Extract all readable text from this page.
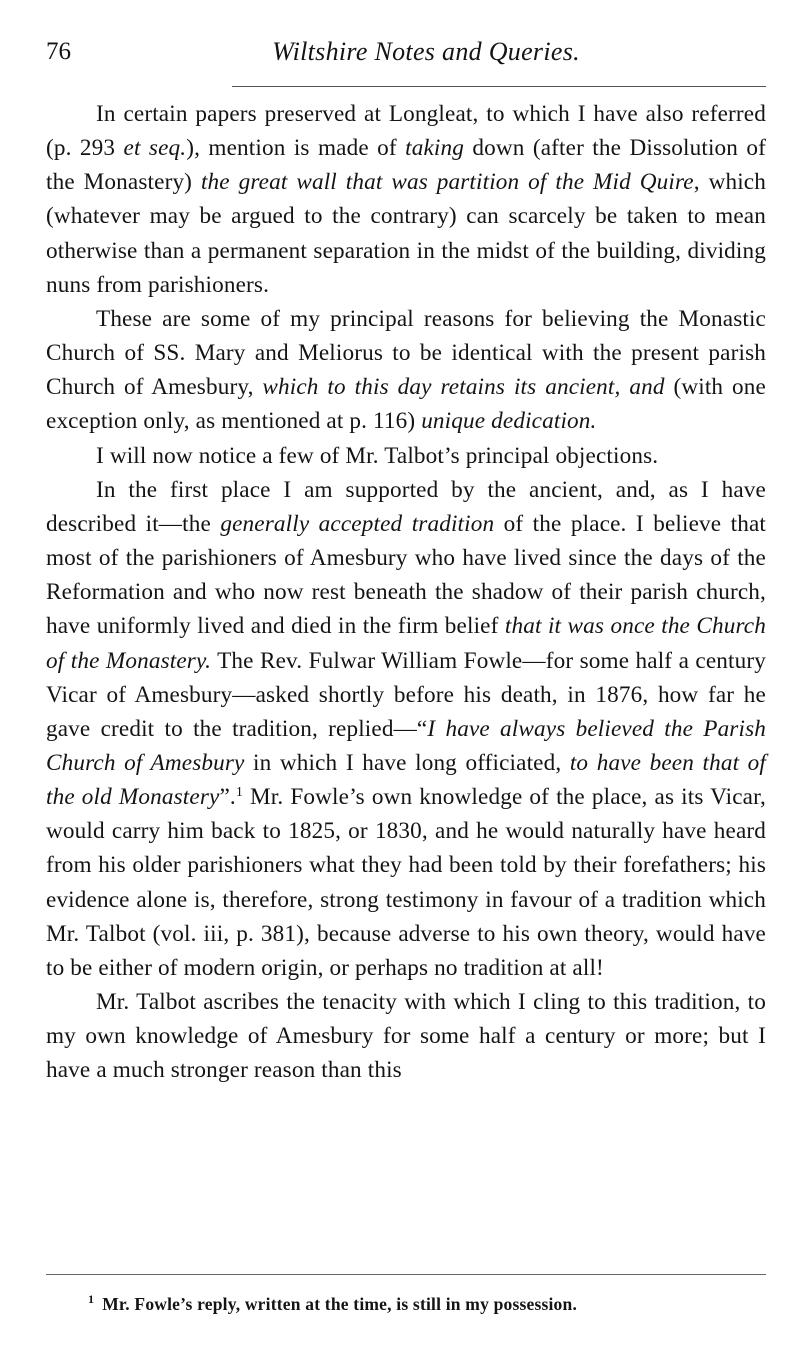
76	Wiltshire Notes and Queries.

In certain papers preserved at Longleat, to which I have also referred (p. 293 et seq.), mention is made of taking down (after the Dissolution of the Monastery) the great wall that was partition of the Mid Quire, which (whatever may be argued to the contrary) can scarcely be taken to mean otherwise than a permanent separation in the midst of the building, dividing nuns from parishioners.

These are some of my principal reasons for believing the Monastic Church of SS. Mary and Meliorus to be identical with the present parish Church of Amesbury, which to this day retains its ancient, and (with one exception only, as mentioned at p. 116) unique dedication.

I will now notice a few of Mr. Talbot’s principal objections.

In the first place I am supported by the ancient, and, as I have described it—the generally accepted tradition of the place. I believe that most of the parishioners of Amesbury who have lived since the days of the Reformation and who now rest beneath the shadow of their parish church, have uniformly lived and died in the firm belief that it was once the Church of the Monastery. The Rev. Fulwar William Fowle—for some half a century Vicar of Amesbury—asked shortly before his death, in 1876, how far he gave credit to the tradition, replied—“I have always believed the Parish Church of Amesbury in which I have long officiated, to have been that of the old Monastery”.$^1$ Mr. Fowle’s own knowledge of the place, as its Vicar, would carry him back to 1825, or 1830, and he would naturally have heard from his older parishioners what they had been told by their forefathers; his evidence alone is, therefore, strong testimony in favour of a tradition which Mr. Talbot (vol. iii, p. 381), because adverse to his own theory, would have to be either of modern origin, or perhaps no tradition at all!

Mr. Talbot ascribes the tenacity with which I cling to this tradition, to my own knowledge of Amesbury for some half a century or more; but I have a much stronger reason than this

$^1$ Mr. Fowle’s reply, written at the time, is still in my possession.
